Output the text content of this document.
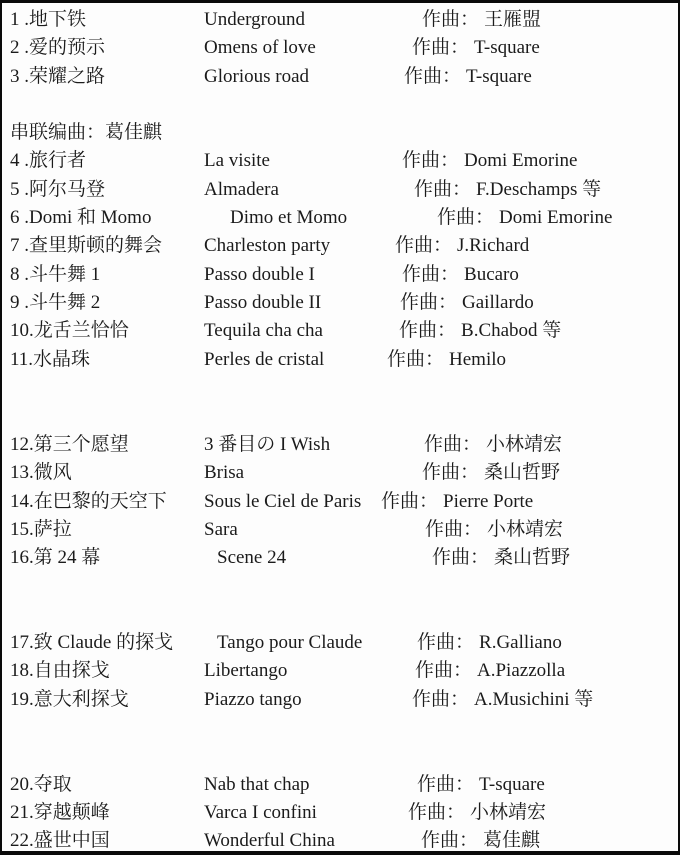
1 .地下铁	Underground	作曲： 王雁盟
2 .爱的预示	Omens of love	作曲： T-square
3 .荣耀之路	Glorious road	作曲： T-square
串联编曲：葛佳麒
4 .旅行者	La visite	作曲： Domi Emorine
5 .阿尔马登	Almadera	作曲： F.Deschamps 等
6 .Domi 和 Momo	Dimo et Momo	作曲： Domi Emorine
7 .查里斯顿的舞会 Charleston party	作曲： J.Richard
8 .斗牛舞 1	Passo double I	作曲： Bucaro
9 .斗牛舞 2	Passo double II	作曲： Gaillardo
10.龙舌兰恰恰	Tequila cha cha	作曲： B.Chabod 等
11.水晶珠	Perles de cristal	作曲： Hemilo
12.第三个愿望	3 番目の I Wish	作曲： 小林靖宏
13.微风	Brisa	作曲： 桑山哲野
14.在巴黎的天空下 Sous le Ciel de Paris 作曲： Pierre Porte
15.萨拉	Sara	作曲： 小林靖宏
16.第 24 幕	Scene 24	作曲： 桑山哲野
17.致 Claude 的探戈 Tango pour Claude	作曲： R.Galliano
18.自由探戈	Libertango	作曲： A.Piazzolla
19.意大利探戈	Piazzo tango	作曲： A.Musichini 等
20.夺取	Nab that chap	作曲： T-square
21.穿越颠峰	Varca I confini	作曲： 小林靖宏
22.盛世中国	Wonderful China	作曲： 葛佳麒
